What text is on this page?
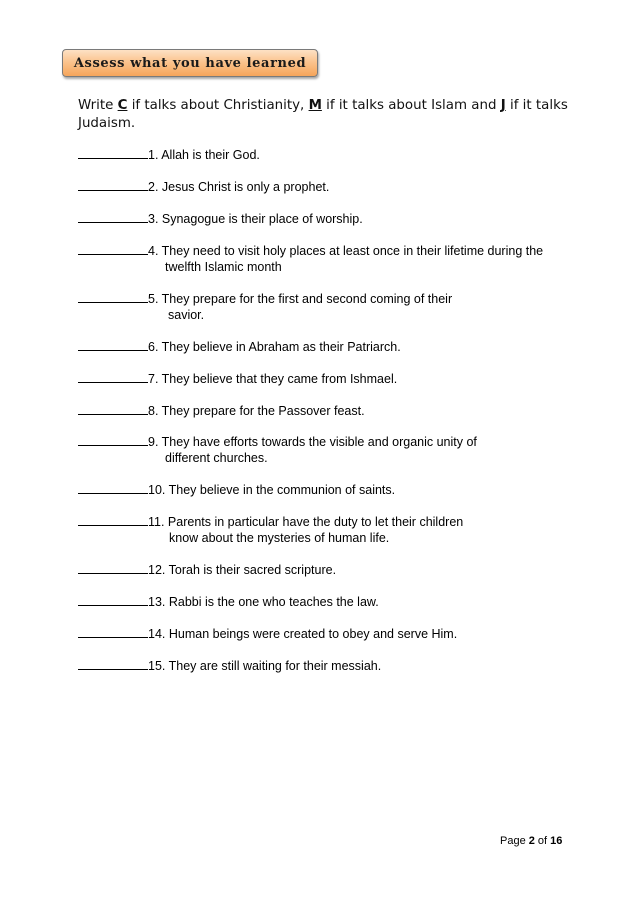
Assess what you have learned
Write C if talks about Christianity, M if it talks about Islam and J if it talks Judaism.
1. Allah is their God.
2. Jesus Christ is only a prophet.
3. Synagogue is their place of worship.
4. They need to visit holy places at least once in their lifetime during the
twelfth Islamic month
5. They prepare for the first and second coming of their
savior.
6. They believe in Abraham as their Patriarch.
7. They believe that they came from Ishmael.
8. They prepare for the Passover feast.
9. They have efforts towards the visible and organic unity of
different churches.
10. They believe in the communion of saints.
11. Parents in particular have the duty to let their children
know about the mysteries of human life.
12. Torah is their sacred scripture.
13. Rabbi is the one who teaches the law.
14. Human beings were created to obey and serve Him.
15. They are still waiting for their messiah.
Page 2 of 16
